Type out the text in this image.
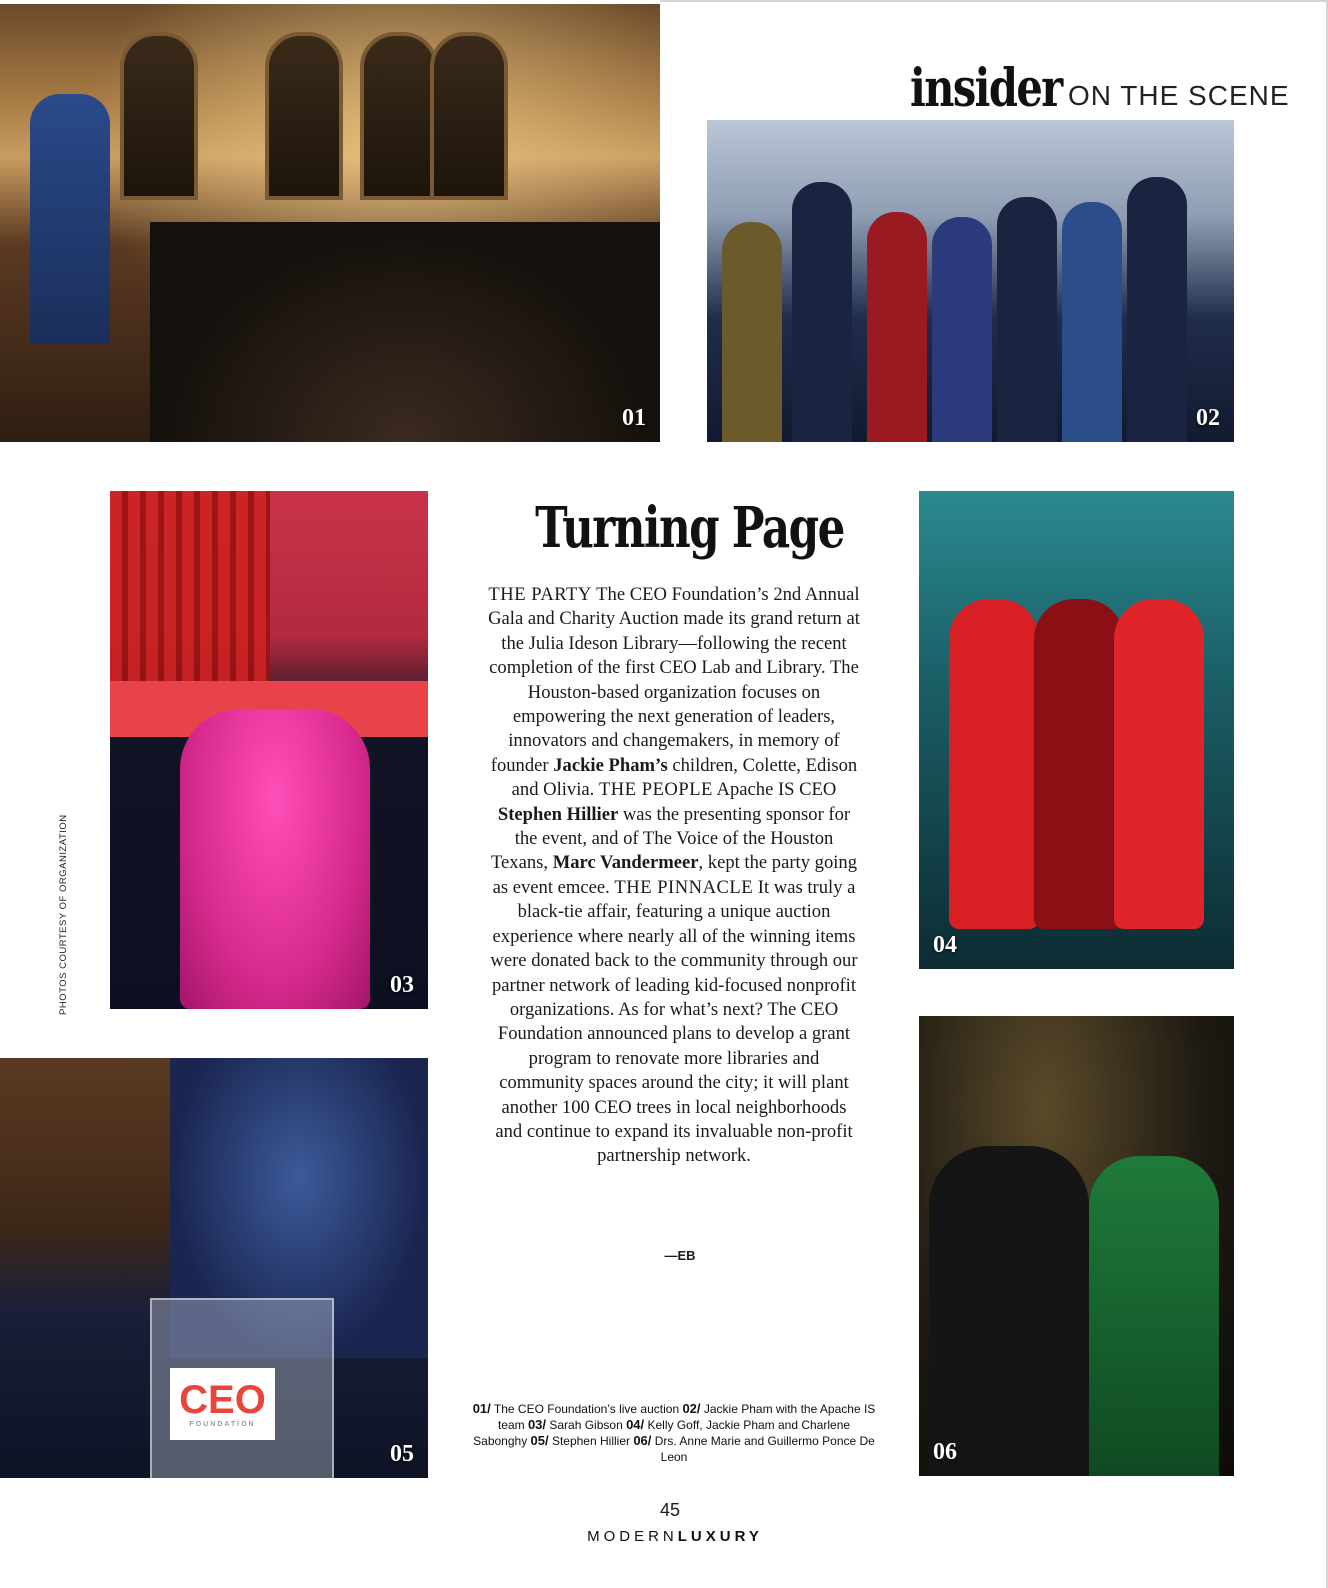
01
insider ON THE SCENE
02
03
PHOTOS COURTESY OF ORGANIZATION
Turning Page
THE PARTY The CEO Foundation’s 2nd Annual Gala and Charity Auction made its grand return at the Julia Ideson Library—following the recent completion of the first CEO Lab and Library. The Houston-based organization focuses on empowering the next generation of leaders, innovators and changemakers, in memory of founder Jackie Pham’s children, Colette, Edison and Olivia. THE PEOPLE Apache IS CEO Stephen Hillier was the presenting sponsor for the event, and of The Voice of the Houston Texans, Marc Vandermeer, kept the party going as event emcee. THE PINNACLE It was truly a black-tie affair, featuring a unique auction experience where nearly all of the winning items were donated back to the community through our partner network of leading kid-focused nonprofit organizations. As for what’s next? The CEO Foundation announced plans to develop a grant program to renovate more libraries and community spaces around the city; it will plant another 100 CEO trees in local neighborhoods and continue to expand its invaluable non-profit partnership network.
—EB
04
CEO
FOUNDATION
05	06
01/ The CEO Foundation’s live auction 02/ Jackie Pham with the Apache IS team 03/ Sarah Gibson 04/ Kelly Goff, Jackie Pham and Charlene Sabonghy 05/ Stephen Hillier 06/ Drs. Anne Marie and Guillermo Ponce De Leon
45
MODERNLUXURY
